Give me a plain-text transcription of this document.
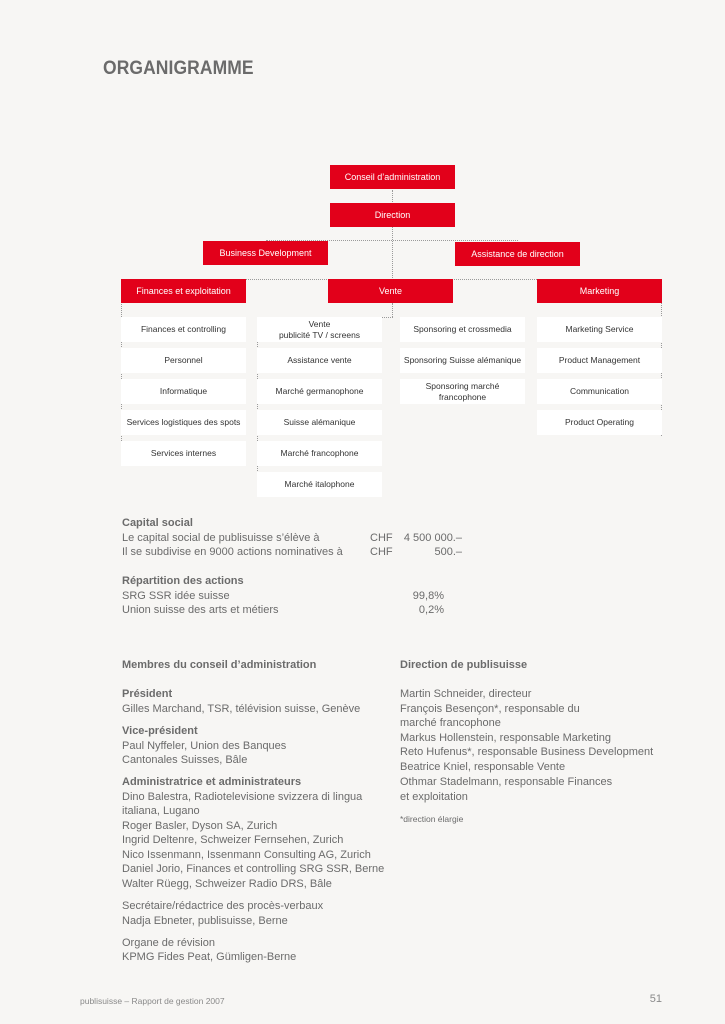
ORGANIGRAMME
Conseil d’administration
Direction
Business Development	Assistance de direction
Finances et exploitation	Vente	Marketing
Finances et controlling
Personnel
Informatique
Services logistiques des spots
Services internes
Vente
publicité TV / screens
Assistance vente
Marché germanophone
Suisse alémanique
Marché francophone
Marché italophone
Sponsoring et crossmedia
Sponsoring Suisse alémanique
Sponsoring marché
francophone
Marketing Service
Product Management
Communication
Product Operating
Capital social
Le capital social de publisuisse s’élève à	CHF	4 500 000.–
Il se subdivise en 9000 actions nominatives à CHF	500.–
Répartition des actions
SRG SSR idée suisse	99,8%
Union suisse des arts et métiers	0,2%
Membres du conseil d’administration
Président
Gilles Marchand, TSR, télévision suisse, Genève
Vice-président
Paul Nyffeler, Union des Banques
Cantonales Suisses, Bâle
Administratrice et administrateurs
Dino Balestra, Radiotelevisione svizzera di lingua
italiana, Lugano
Roger Basler, Dyson SA, Zurich
Ingrid Deltenre, Schweizer Fernsehen, Zurich
Nico Issenmann, Issenmann Consulting AG, Zurich
Daniel Jorio, Finances et controlling SRG SSR, Berne
Walter Rüegg, Schweizer Radio DRS, Bâle
Secrétaire/rédactrice des procès-verbaux
Nadja Ebneter, publisuisse, Berne
Organe de révision
KPMG Fides Peat, Gümligen-Berne
Direction de publisuisse
Martin Schneider, directeur
François Besençon*, responsable du
marché francophone
Markus Hollenstein, responsable Marketing
Reto Hufenus*, responsable Business Development
Beatrice Kniel, responsable Vente
Othmar Stadelmann, responsable Finances
et exploitation
*direction élargie
publisuisse – Rapport de gestion 2007	51
